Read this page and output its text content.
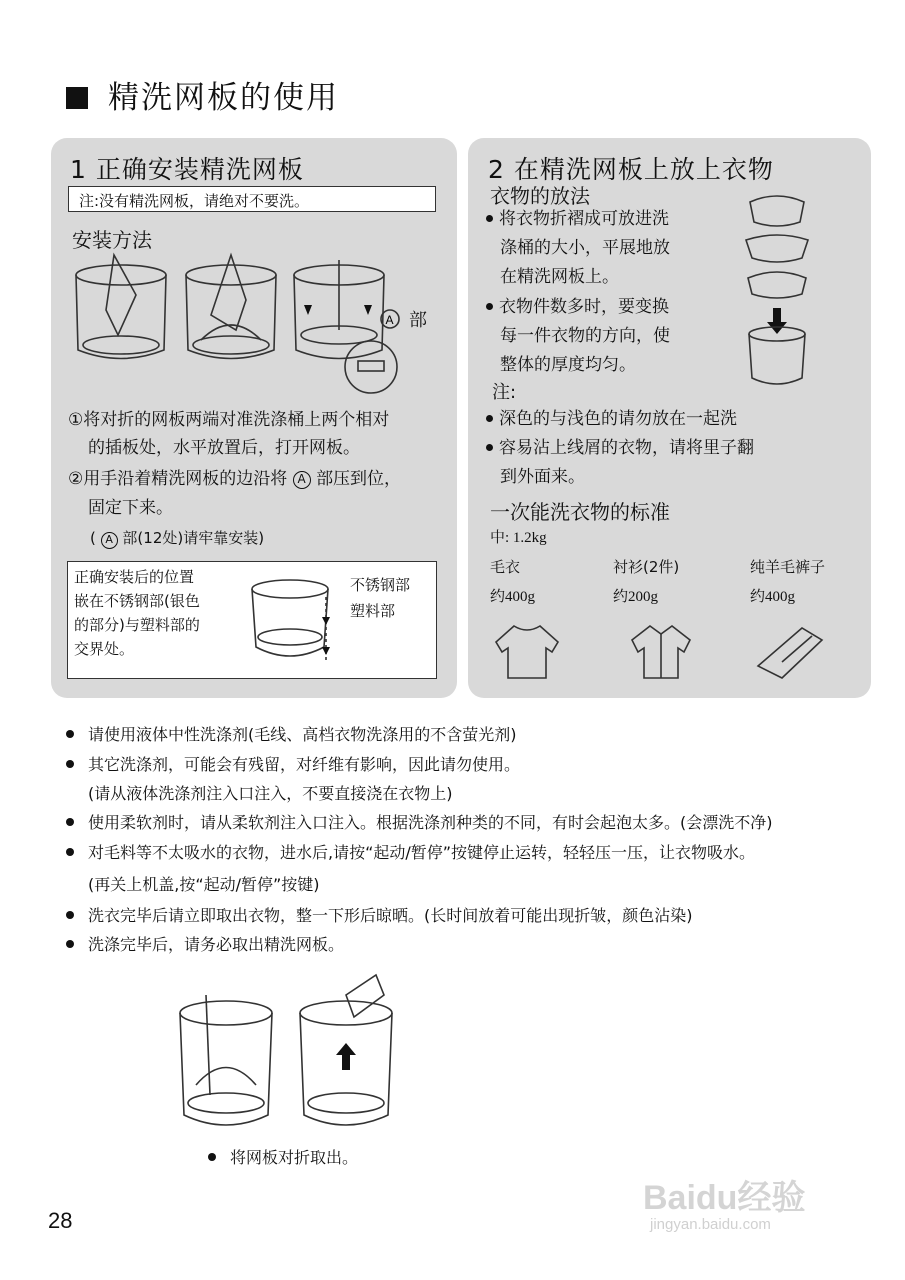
精洗网板的使用
1 正确安装精洗网板
注:没有精洗网板，请绝对不要洗。
安装方法
A 部
①将对折的网板两端对准洗涤桶上两个相对
的插板处，水平放置后，打开网板。
②用手沿着精洗网板的边沿将 A 部压到位，
固定下来。
( A 部(12处)请牢靠安装)
正确安装后的位置
嵌在不锈钢部(银色
的部分)与塑料部的
交界处。
不锈钢部
塑料部
2 在精洗网板上放上衣物
衣物的放法
将衣物折褶成可放进洗
涤桶的大小，平展地放
在精洗网板上。
衣物件数多时，要变换
每一件衣物的方向，使
整体的厚度均匀。
注:
深色的与浅色的请勿放在一起洗
容易沾上线屑的衣物，请将里子翻
到外面来。
一次能洗衣物的标准
中: 1.2kg
毛衣	衬衫(2件)	纯羊毛裤子
约400g	约200g	约400g
请使用液体中性洗涤剂(毛线、高档衣物洗涤用的不含萤光剂)
其它洗涤剂，可能会有残留，对纤维有影响，因此请勿使用。
(请从液体洗涤剂注入口注入，不要直接浇在衣物上)
使用柔软剂时，请从柔软剂注入口注入。根据洗涤剂种类的不同，有时会起泡太多。(会漂洗不净)
对毛料等不太吸水的衣物，进水后,请按“起动/暂停”按键停止运转，轻轻压一压，让衣物吸水。
(再关上机盖,按“起动/暂停”按键)
洗衣完毕后请立即取出衣物，整一下形后晾晒。(长时间放着可能出现折皱，颜色沾染)
洗涤完毕后，请务必取出精洗网板。
将网板对折取出。
28
Baidu经验
jingyan.baidu.com
